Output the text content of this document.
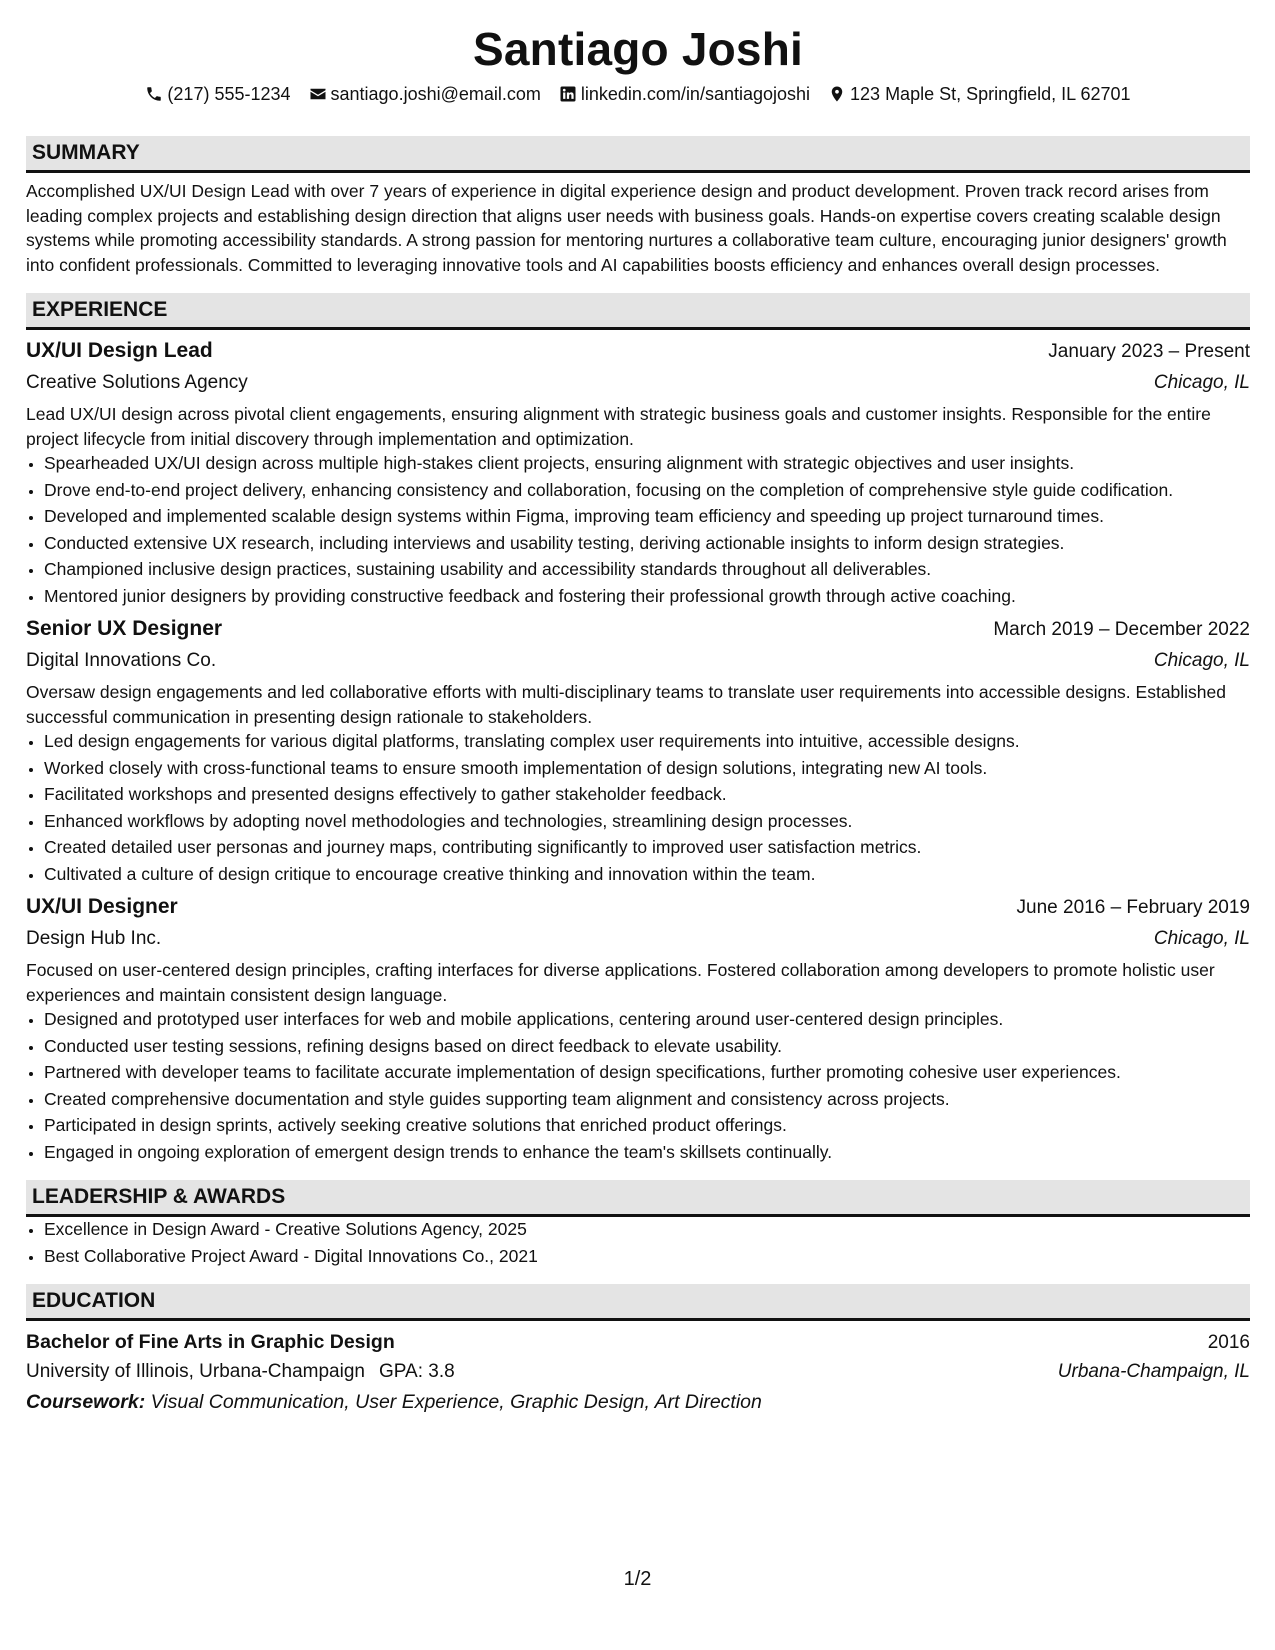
Santiago Joshi
(217) 555-1234 santiago.joshi@email.com linkedin.com/in/santiagojoshi 123 Maple St, Springfield, IL 62701
SUMMARY

Accomplished UX/UI Design Lead with over 7 years of experience in digital experience design and product development. Proven track record arises from leading complex projects and establishing design direction that aligns user needs with business goals. Hands-on expertise covers creating scalable design systems while promoting accessibility standards. A strong passion for mentoring nurtures a collaborative team culture, encouraging junior designers' growth into confident professionals. Committed to leveraging innovative tools and AI capabilities boosts efficiency and enhances overall design processes.

EXPERIENCE
UX/UI Design Lead	January 2023 – Present
Creative Solutions Agency	Chicago, IL
Lead UX/UI design across pivotal client engagements, ensuring alignment with strategic business goals and customer insights. Responsible for the entire project lifecycle from initial discovery through implementation and optimization.
• Spearheaded UX/UI design across multiple high-stakes client projects, ensuring alignment with strategic objectives and user insights.
• Drove end-to-end project delivery, enhancing consistency and collaboration, focusing on the completion of comprehensive style guide codification.
• Developed and implemented scalable design systems within Figma, improving team efficiency and speeding up project turnaround times.
• Conducted extensive UX research, including interviews and usability testing, deriving actionable insights to inform design strategies.
• Championed inclusive design practices, sustaining usability and accessibility standards throughout all deliverables.
• Mentored junior designers by providing constructive feedback and fostering their professional growth through active coaching.
Senior UX Designer	March 2019 – December 2022
Digital Innovations Co.	Chicago, IL
Oversaw design engagements and led collaborative efforts with multi-disciplinary teams to translate user requirements into accessible designs. Established successful communication in presenting design rationale to stakeholders.
• Led design engagements for various digital platforms, translating complex user requirements into intuitive, accessible designs.
• Worked closely with cross-functional teams to ensure smooth implementation of design solutions, integrating new AI tools.
• Facilitated workshops and presented designs effectively to gather stakeholder feedback.
• Enhanced workflows by adopting novel methodologies and technologies, streamlining design processes.
• Created detailed user personas and journey maps, contributing significantly to improved user satisfaction metrics.
• Cultivated a culture of design critique to encourage creative thinking and innovation within the team.
UX/UI Designer	June 2016 – February 2019
Design Hub Inc.	Chicago, IL
Focused on user-centered design principles, crafting interfaces for diverse applications. Fostered collaboration among developers to promote holistic user experiences and maintain consistent design language.
• Designed and prototyped user interfaces for web and mobile applications, centering around user-centered design principles.
• Conducted user testing sessions, refining designs based on direct feedback to elevate usability.
• Partnered with developer teams to facilitate accurate implementation of design specifications, further promoting cohesive user experiences.
• Created comprehensive documentation and style guides supporting team alignment and consistency across projects.
• Participated in design sprints, actively seeking creative solutions that enriched product offerings.
• Engaged in ongoing exploration of emergent design trends to enhance the team's skillsets continually.
LEADERSHIP & AWARDS
• Excellence in Design Award - Creative Solutions Agency, 2025
• Best Collaborative Project Award - Digital Innovations Co., 2021
EDUCATION
Bachelor of Fine Arts in Graphic Design	2016
University of Illinois, Urbana-Champaign GPA: 3.8	Urbana-Champaign, IL
Coursework: Visual Communication, User Experience, Graphic Design, Art Direction
1/2
